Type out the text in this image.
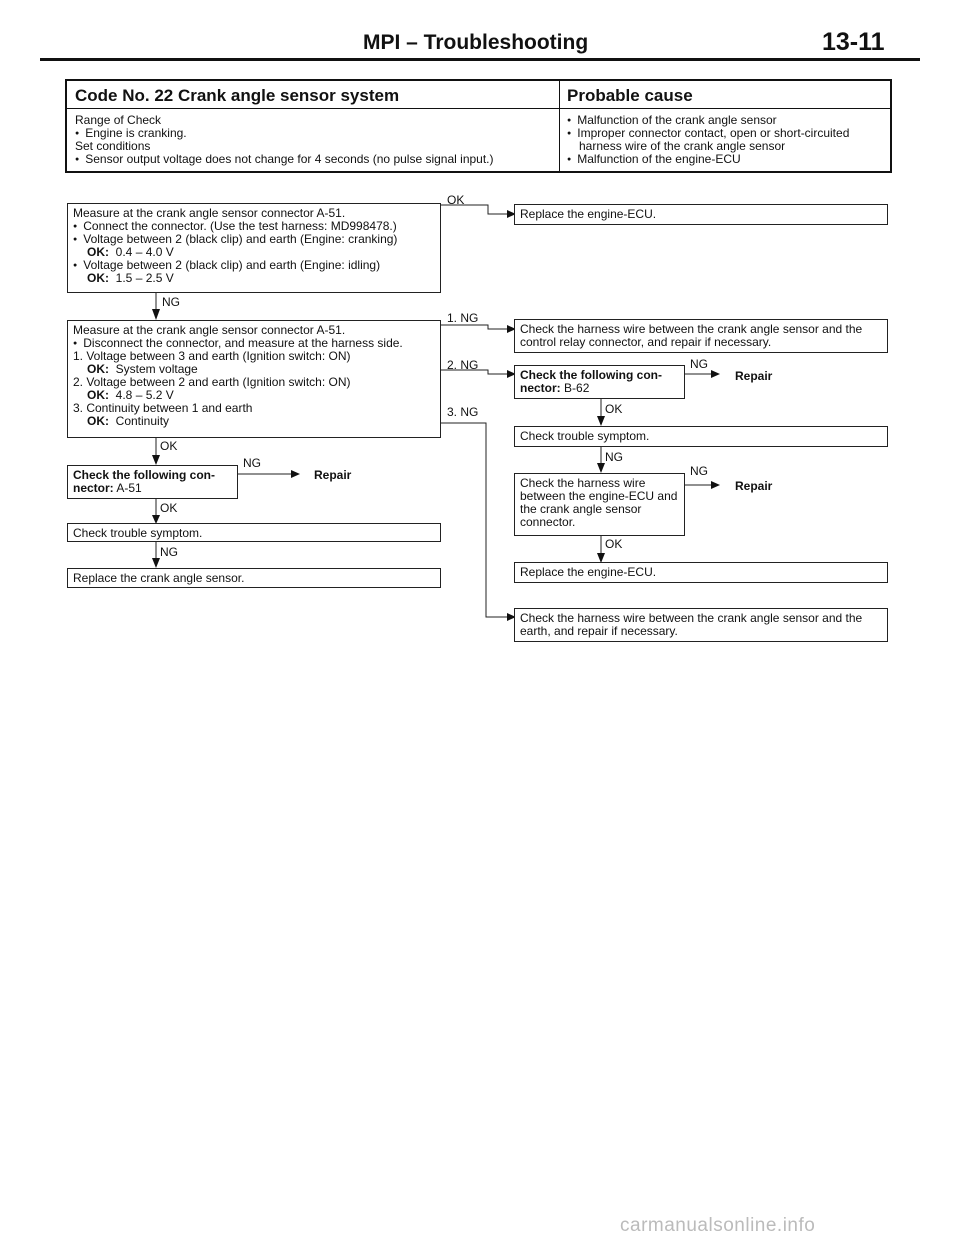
MPI – Troubleshooting	13-11
Code No. 22 Crank angle sensor system	Probable cause
Range of Check
● Engine is cranking.
Set conditions
● Sensor output voltage does not change for 4 seconds (no pulse signal input.)
● Malfunction of the crank angle sensor
● Improper connector contact, open or short-circuited
harness wire of the crank angle sensor
● Malfunction of the engine-ECU
Measure at the crank angle sensor connector A-51.
● Connect the connector. (Use the test harness: MD998478.)
● Voltage between 2 (black clip) and earth (Engine: cranking)
OK: 0.4 – 4.0 V
● Voltage between 2 (black clip) and earth (Engine: idling)
OK: 1.5 – 2.5 V
OK
Replace the engine-ECU.
NG
Measure at the crank angle sensor connector A-51.
● Disconnect the connector, and measure at the harness side.
1. Voltage between 3 and earth (Ignition switch: ON)
OK: System voltage
2. Voltage between 2 and earth (Ignition switch: ON)
OK: 4.8 – 5.2 V
3. Continuity between 1 and earth
OK: Continuity
1. NG
Check the harness wire between the crank angle sensor and the control relay connector, and repair if necessary.
2. NG
Check the following con- nector: B-62
NG
Repair
OK
3. NG
Check trouble symptom.
NG
Check the harness wire between the engine-ECU and the crank angle sensor connector.
NG
Repair
OK
Replace the engine-ECU.
Check the harness wire between the crank angle sensor and the earth, and repair if necessary.
OK
Check the following con- nector: A-51
NG
Repair
OK
Check trouble symptom.
NG
Replace the crank angle sensor.
carmanualsonline.info
